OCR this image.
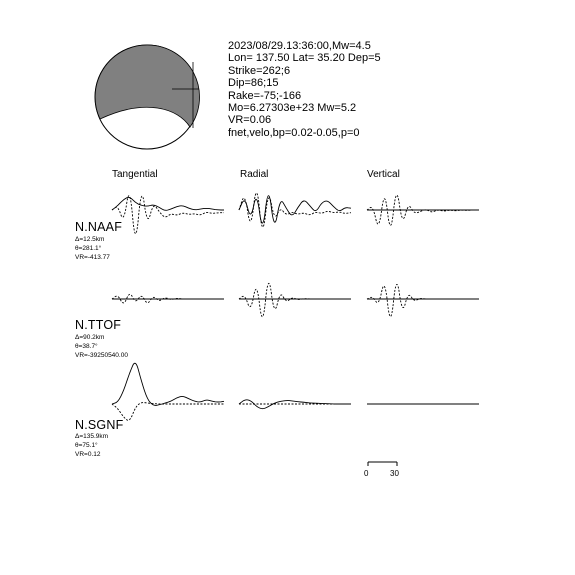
2023/08/29.13:36:00,Mw=4.5
Lon= 137.50 Lat= 35.20 Dep=5
Strike=262;6
Dip=86;15
Rake=-75;-166
Mo=6.27303e+23 Mw=5.2
VR=0.06
fnet,velo,bp=0.02-0.05,p=0
Tangential	Radial	Vertical
N.NAAF
Δ=12.5km
θ=281.1°
VR=-413.77
N.TTOF
Δ=90.2km
θ=38.7°
VR=-39250540.00
N.SGNF
Δ=135.9km
θ=75.1°
VR=0.12
0	30
